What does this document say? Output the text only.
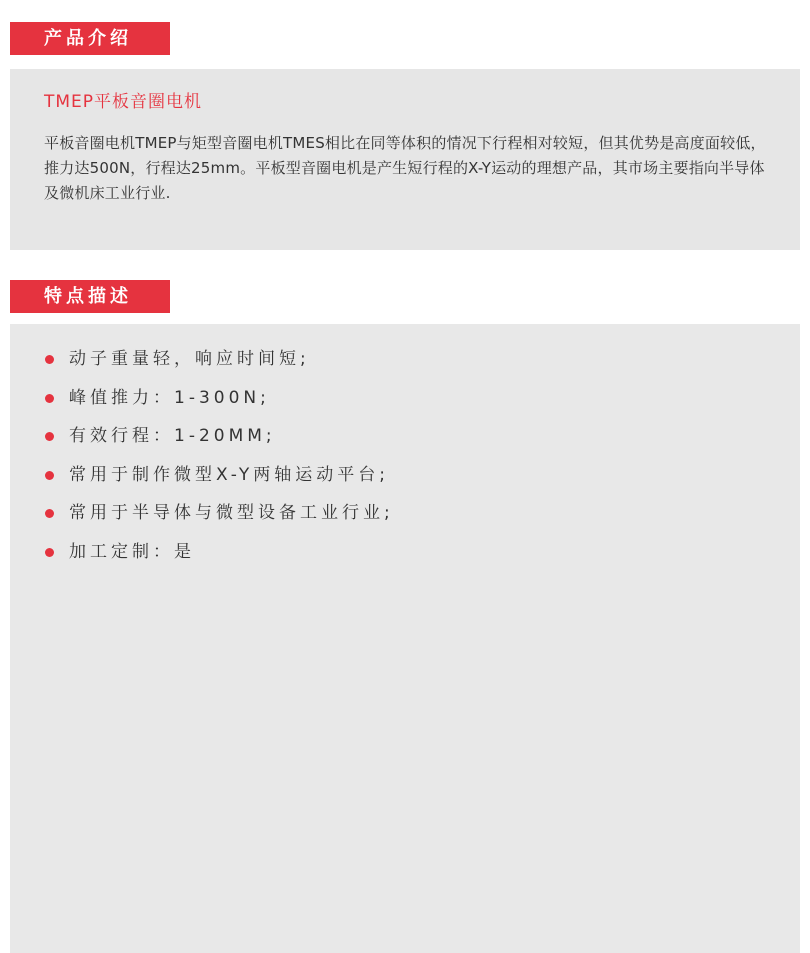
产品介绍
TMEP平板音圈电机

平板音圈电机TMEP与矩型音圈电机TMES相比在同等体积的情况下行程相对较短，但其优势是高度面较低，推力达500N，行程达25mm。平板型音圈电机是产生短行程的X-Y运动的理想产品，其市场主要指向半导体及微机床工业行业.

特点描述
动子重量轻，响应时间短;
峰值推力：1-300N;
有效行程：1-20MM;
常用于制作微型X-Y两轴运动平台;
常用于半导体与微型设备工业行业;
加工定制：是
